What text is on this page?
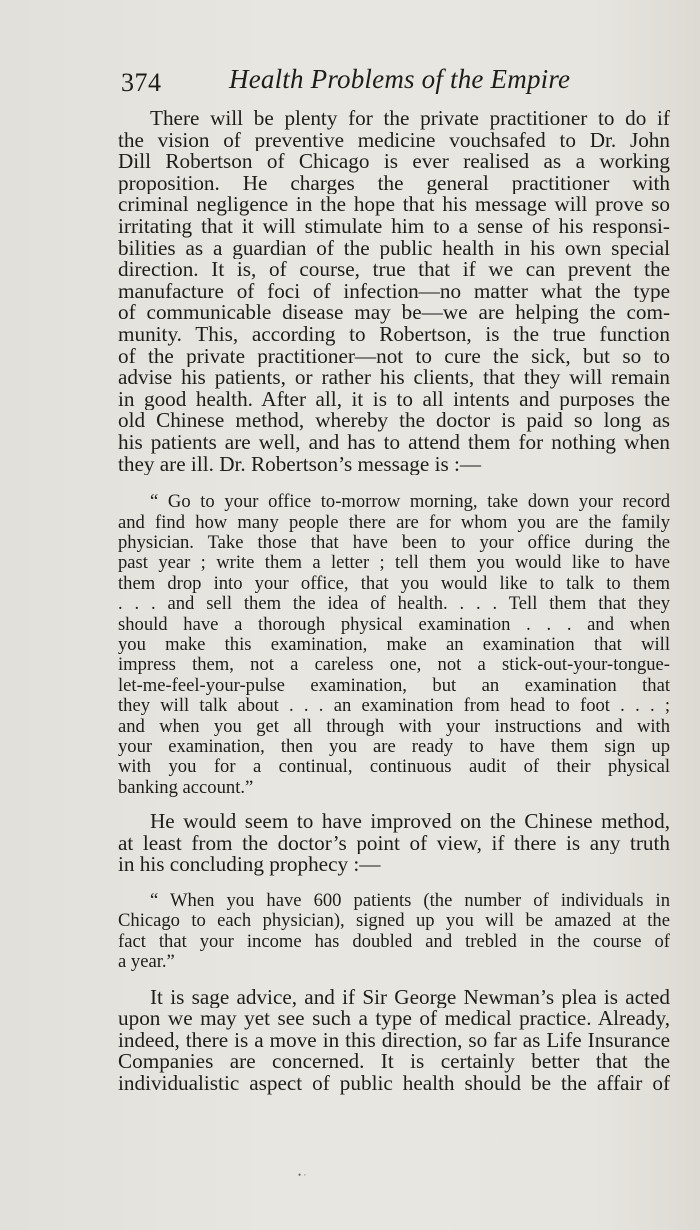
374	Health Problems of the Empire
There will be plenty for the private practitioner to do if
the vision of preventive medicine vouchsafed to Dr. John
Dill Robertson of Chicago is ever realised as a working
proposition. He charges the general practitioner with
criminal negligence in the hope that his message will prove so
irritating that it will stimulate him to a sense of his responsi-
bilities as a guardian of the public health in his own special
direction. It is, of course, true that if we can prevent the
manufacture of foci of infection—no matter what the type
of communicable disease may be—we are helping the com-
munity. This, according to Robertson, is the true function
of the private practitioner—not to cure the sick, but so to
advise his patients, or rather his clients, that they will remain
in good health. After all, it is to all intents and purposes the
old Chinese method, whereby the doctor is paid so long as
his patients are well, and has to attend them for nothing when
they are ill. Dr. Robertson’s message is :—
“ Go to your office to-morrow morning, take down your record
and find how many people there are for whom you are the family
physician. Take those that have been to your office during the
past year ; write them a letter ; tell them you would like to have
them drop into your office, that you would like to talk to them
. . . and sell them the idea of health. . . . Tell them that they
should have a thorough physical examination . . . and when
you make this examination, make an examination that will
impress them, not a careless one, not a stick-out-your-tongue-
let-me-feel-your-pulse examination, but an examination that
they will talk about . . . an examination from head to foot . . . ;
and when you get all through with your instructions and with
your examination, then you are ready to have them sign up
with you for a continual, continuous audit of their physical
banking account.”
He would seem to have improved on the Chinese method,
at least from the doctor’s point of view, if there is any truth
in his concluding prophecy :—
“ When you have 600 patients (the number of individuals in
Chicago to each physician), signed up you will be amazed at the
fact that your income has doubled and trebled in the course of
a year.”
It is sage advice, and if Sir George Newman’s plea is acted
upon we may yet see such a type of medical practice. Already,
indeed, there is a move in this direction, so far as Life Insurance
Companies are concerned. It is certainly better that the
individualistic aspect of public health should be the affair of
• ·
